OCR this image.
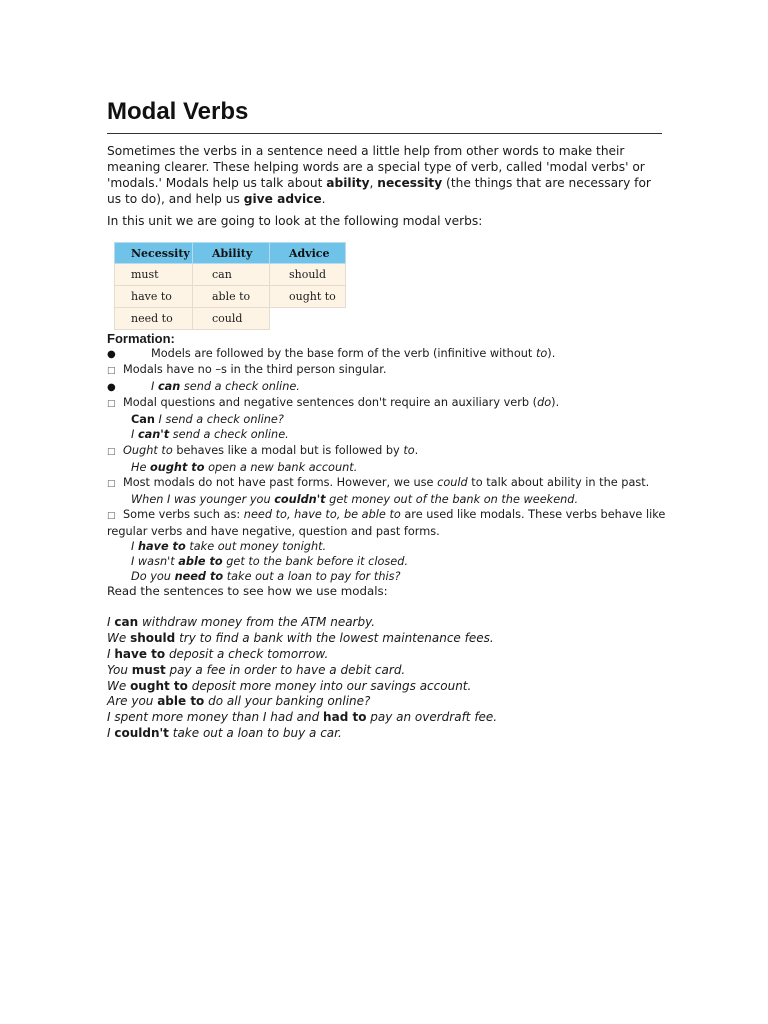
Modal Verbs

Sometimes the verbs in a sentence need a little help from other words to make their meaning clearer. These helping words are a special type of verb, called 'modal verbs' or 'modals.' Modals help us talk about ability, necessity (the things that are necessary for us to do), and help us give advice.

In this unit we are going to look at the following modal verbs:

Necessity	Ability	Advice
must	can	should
have to	able to	ought to
need to	could	

Formation:

●	Models are followed by the base form of the verb (infinitive without to).

□ Modals have no –s in the third person singular.

●	I can send a check online.

□ Modal questions and negative sentences don't require an auxiliary verb (do).

Can I send a check online?

I can't send a check online.

□ Ought to behaves like a modal but is followed by to.

He ought to open a new bank account.

□ Most modals do not have past forms. However, we use could to talk about ability in the past.

When I was younger you couldn't get money out of the bank on the weekend.

□ Some verbs such as: need to, have to, be able to are used like modals. These verbs behave like

regular verbs and have negative, question and past forms.

I have to take out money tonight.

I wasn't able to get to the bank before it closed.

Do you need to take out a loan to pay for this?

Read the sentences to see how we use modals:

I can withdraw money from the ATM nearby.

We should try to find a bank with the lowest maintenance fees.

I have to deposit a check tomorrow.

You must pay a fee in order to have a debit card.

We ought to deposit more money into our savings account.

Are you able to do all your banking online?

I spent more money than I had and had to pay an overdraft fee.

I couldn't take out a loan to buy a car.
